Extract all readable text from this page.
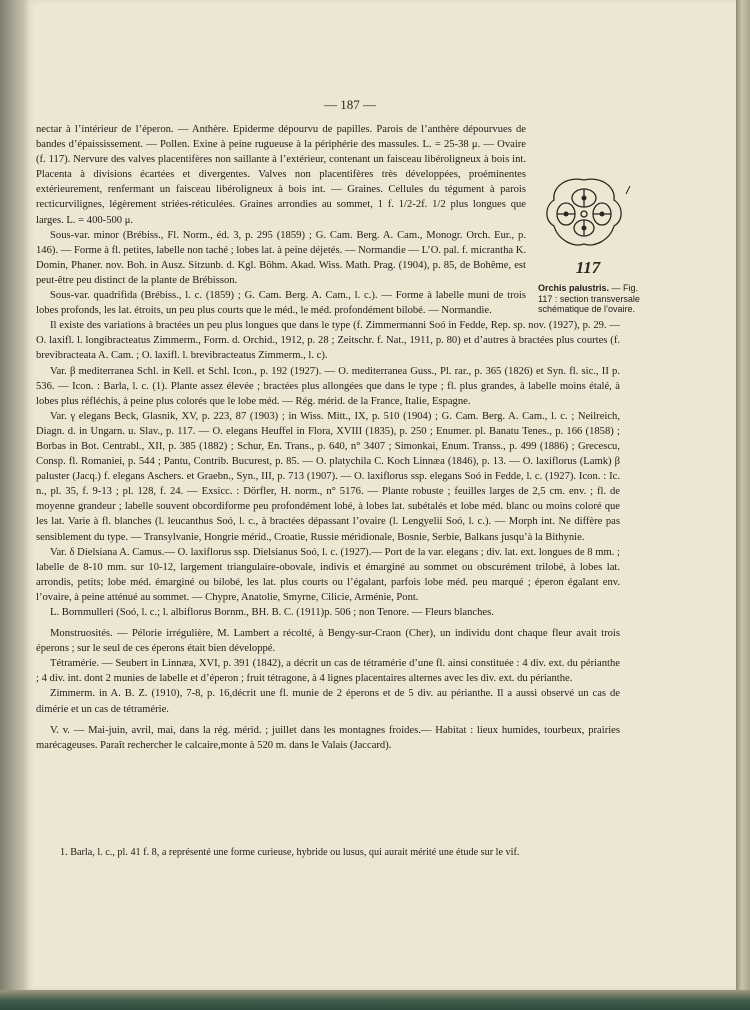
— 187 —
117
Orchis palustris. — Fig. 117 : section transversale schématique de l’ovaire.

nectar à l’intérieur de l’éperon. — Anthère. Epiderme dépourvu de papilles. Parois de l’anthère dépourvues de bandes d’épaississement. — Pollen. Exine à peine rugueuse à la périphérie des massules. L. = 25-38 μ. — Ovaire (f. 117). Nervure des valves placentifères non saillante à l’extérieur, contenant un faisceau libéroligneux à bois int. Placenta à divisions écartées et divergentes. Valves non placentifères très développées, proéminentes extérieurement, renfermant un faisceau libéroligneux à bois int. — Graines. Cellules du tégument à parois recticurvilignes, légèrement striées-réticulées. Graines arrondies au sommet, 1 f. 1/2-2f. 1/2 plus longues que larges. L. = 400-500 μ.

Sous-var. minor (Brébiss., Fl. Norm., éd. 3, p. 295 (1859) ; G. Cam. Berg. A. Cam., Monogr. Orch. Eur., p. 146). — Forme à fl. petites, labelle non taché ; lobes lat. à peine déjetés. — Normandie — L’O. pal. f. micrantha K. Domin, Phaner. nov. Boh. in Ausz. Sitzunb. d. Kgl. Böhm. Akad. Wiss. Math. Prag. (1904), p. 85, de Bohême, est peut-être peu distinct de la plante de Brébisson.

Sous-var. quadrifida (Brébiss., l. c. (1859) ; G. Cam. Berg. A. Cam., l. c.). — Forme à labelle muni de trois lobes profonds, les lat. étroits, un peu plus courts que le méd., le méd. profondément bilobé. — Normandie.

Il existe des variations à bractées un peu plus longues que dans le type (f. Zimmermanni Soó in Fedde, Rep. sp. nov. (1927), p. 29. — O. laxifl. l. longibracteatus Zimmerm., Form. d. Orchid., 1912, p. 28 ; Zeitschr. f. Nat., 1911, p. 80) et d’autres à bractées plus courtes (f. brevibracteata A. Cam. ; O. laxifl. l. brevibracteatus Zimmerm., l. c).

Var. β mediterranea Schl. in Kell. et Schl. Icon., p. 192 (1927). — O. mediterranea Guss., Pl. rar., p. 365 (1826) et Syn. fl. sic., II p. 536. — Icon. : Barla, l. c. (1). Plante assez élevée ; bractées plus allongées que dans le type ; fl. plus grandes, à labelle moins étalé, à lobes plus réfléchis, à peine plus colorés que le lobe méd. — Rég. mérid. de la France, Italie, Espagne.

Var. γ elegans Beck, Glasnik, XV, p. 223, 87 (1903) ; in Wiss. Mitt., IX, p. 510 (1904) ; G. Cam. Berg. A. Cam., l. c. ; Neilreich, Diagn. d. in Ungarn. u. Slav., p. 117. — O. elegans Heuffel in Flora, XVIII (1835), p. 250 ; Enumer. pl. Banatu Tenes., p. 166 (1858) ; Borbas in Bot. Centrabl., XII, p. 385 (1882) ; Schur, En. Trans., p. 640, n° 3407 ; Simonkai, Enum. Transs., p. 499 (1886) ; Grecescu, Consp. fl. Romaniei, p. 544 ; Pantu, Contrib. Bucurest, p. 85. — O. platychila C. Koch Linnæa (1846), p. 13. — O. laxiflorus (Lamk) β paluster (Jacq.) f. elegans Aschers. et Graebn., Syn., III, p. 713 (1907). — O. laxiflorus ssp. elegans Soó in Fedde, l. c. (1927). Icon. : Ic. n., pl. 35, f. 9-13 ; pl. 128, f. 24. — Exsicc. : Dörfler, H. norm., n° 5176. — Plante robuste ; feuilles larges de 2,5 cm. env. ; fl. de moyenne grandeur ; labelle souvent obcordiforme peu profondément lobé, à lobes lat. subétalés et lobe méd. blanc ou moins coloré que les lat. Varie à fl. blanches (l. leucanthus Soó, l. c., à bractées dépassant l’ovaire (l. Lengyelii Soó, l. c.). — Morph int. Ne diffère pas sensiblement du type. — Transylvanie, Hongrie mérid., Croatie, Russie méridionale, Bosnie, Serbie, Balkans jusqu’à la Bithynie.

Var. δ Dielsiana A. Camus.— O. laxiflorus ssp. Dielsianus Soó, l. c. (1927).— Port de la var. elegans ; div. lat. ext. longues de 8 mm. ; labelle de 8-10 mm. sur 10-12, largement triangulaire-obovale, indivis et émarginé au sommet ou obscurément trilobé, à lobes lat. arrondis, petits; lobe méd. émarginé ou bilobé, les lat. plus courts ou l’égalant, parfois lobe méd. peu marqué ; éperon égalant env. l’ovaire, à peine atténué au sommet. — Chypre, Anatolie, Smyrne, Cilicie, Arménie, Pont.

L. Bornmulleri (Soó, l. c.; l. albiflorus Bornm., BH. B. C. (1911)p. 506 ; non Tenore. — Fleurs blanches.

Monstruosités. — Pélorie irrégulière, M. Lambert a récolté, à Bengy-sur-Craon (Cher), un individu dont chaque fleur avait trois éperons ; sur le seul de ces éperons était bien développé.

Tétramérie. — Seubert in Linnæa, XVI, p. 391 (1842), a décrit un cas de tétramérie d’une fl. ainsi constituée : 4 div. ext. du périanthe ; 4 div. int. dont 2 munies de labelle et d’éperon ; fruit tétragone, à 4 lignes placentaires alternes avec les div. ext. du périanthe.

Zimmerm. in A. B. Z. (1910), 7-8, p. 16,décrit une fl. munie de 2 éperons et de 5 div. au périanthe. Il a aussi observé un cas de dimérie et un cas de tétramérie.

V. v. — Mai-juin, avril, mai, dans la rég. mérid. ; juillet dans les montagnes froides.— Habitat : lieux humides, tourbeux, prairies marécageuses. Paraît rechercher le calcaire,monte à 520 m. dans le Valais (Jaccard).

1. Barla, l. c., pl. 41 f. 8, a représenté une forme curieuse, hybride ou lusus, qui aurait mérité une étude sur le vif.
